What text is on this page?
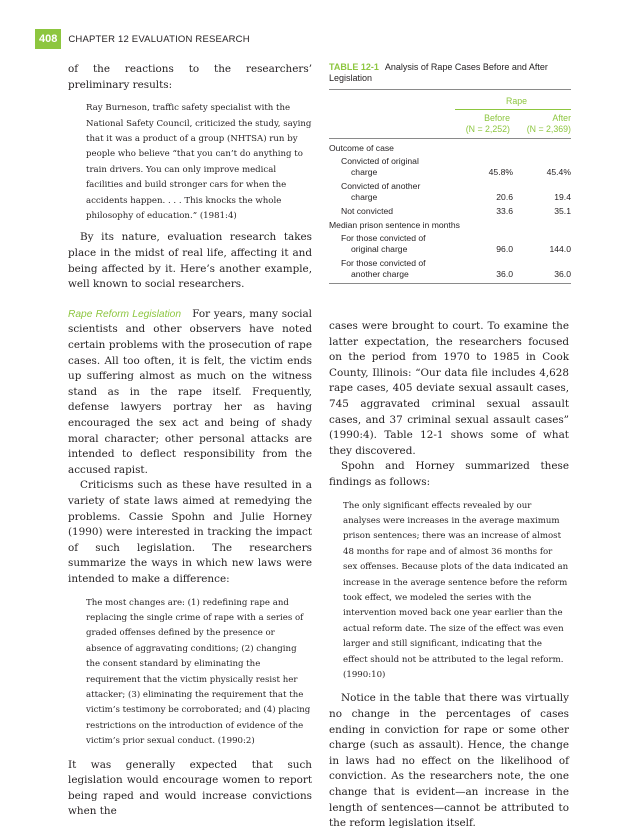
408	CHAPTER 12 EVALUATION RESEARCH

of the reactions to the researchers’ preliminary results:

Ray Burneson, traffic safety specialist with the National Safety Council, criticized the study, saying that it was a product of a group (NHTSA) run by people who believe “that you can’t do anything to train drivers. You can only improve medical facilities and build stronger cars for when the accidents happen. . . . This knocks the whole philosophy of education.” (1981:4)

By its nature, evaluation research takes place in the midst of real life, affecting it and being affected by it. Here’s another example, well known to social researchers.

Rape Reform Legislation For years, many social scientists and other observers have noted certain problems with the prosecution of rape cases. All too often, it is felt, the victim ends up suffering almost as much on the witness stand as in the rape itself. Frequently, defense lawyers portray her as having encouraged the sex act and being of shady moral character; other personal attacks are intended to deflect responsibility from the accused rapist.

Criticisms such as these have resulted in a variety of state laws aimed at remedying the problems. Cassie Spohn and Julie Horney (1990) were interested in tracking the impact of such legislation. The researchers summarize the ways in which new laws were intended to make a difference:

The most changes are: (1) redefining rape and replacing the single crime of rape with a series of graded offenses defined by the presence or absence of aggravating conditions; (2) changing the consent standard by eliminating the requirement that the victim physically resist her attacker; (3) eliminating the requirement that the victim’s testimony be corroborated; and (4) placing restrictions on the introduction of evidence of the victim’s prior sexual conduct. (1990:2)

It was generally expected that such legislation would encourage women to report being raped and would increase convictions when the

TABLE 12-1 Analysis of Rape Cases Before and After Legislation
Rape
Before
(N = 2,252)
After
(N = 2,369)
Outcome of case
Convicted of original
charge	45.8%	45.4%
Convicted of another
charge	20.6	19.4
Not convicted	33.6	35.1
Median prison sentence in months
For those convicted of
original charge	96.0	144.0
For those convicted of
another charge	36.0	36.0

cases were brought to court. To examine the latter expectation, the researchers focused on the period from 1970 to 1985 in Cook County, Illinois: “Our data file includes 4,628 rape cases, 405 deviate sexual assault cases, 745 aggravated criminal sexual assault cases, and 37 criminal sexual assault cases” (1990:4). Table 12-1 shows some of what they discovered.

Spohn and Horney summarized these findings as follows:

The only significant effects revealed by our analyses were increases in the average maximum prison sentences; there was an increase of almost 48 months for rape and of almost 36 months for sex offenses. Because plots of the data indicated an increase in the average sentence before the reform took effect, we modeled the series with the intervention moved back one year earlier than the actual reform date. The size of the effect was even larger and still significant, indicating that the effect should not be attributed to the legal reform. (1990:10)

Notice in the table that there was virtually no change in the percentages of cases ending in conviction for rape or some other charge (such as assault). Hence, the change in laws had no effect on the likelihood of conviction. As the researchers note, the one change that is evident—an increase in the length of sentences—cannot be attributed to the reform legislation itself.
